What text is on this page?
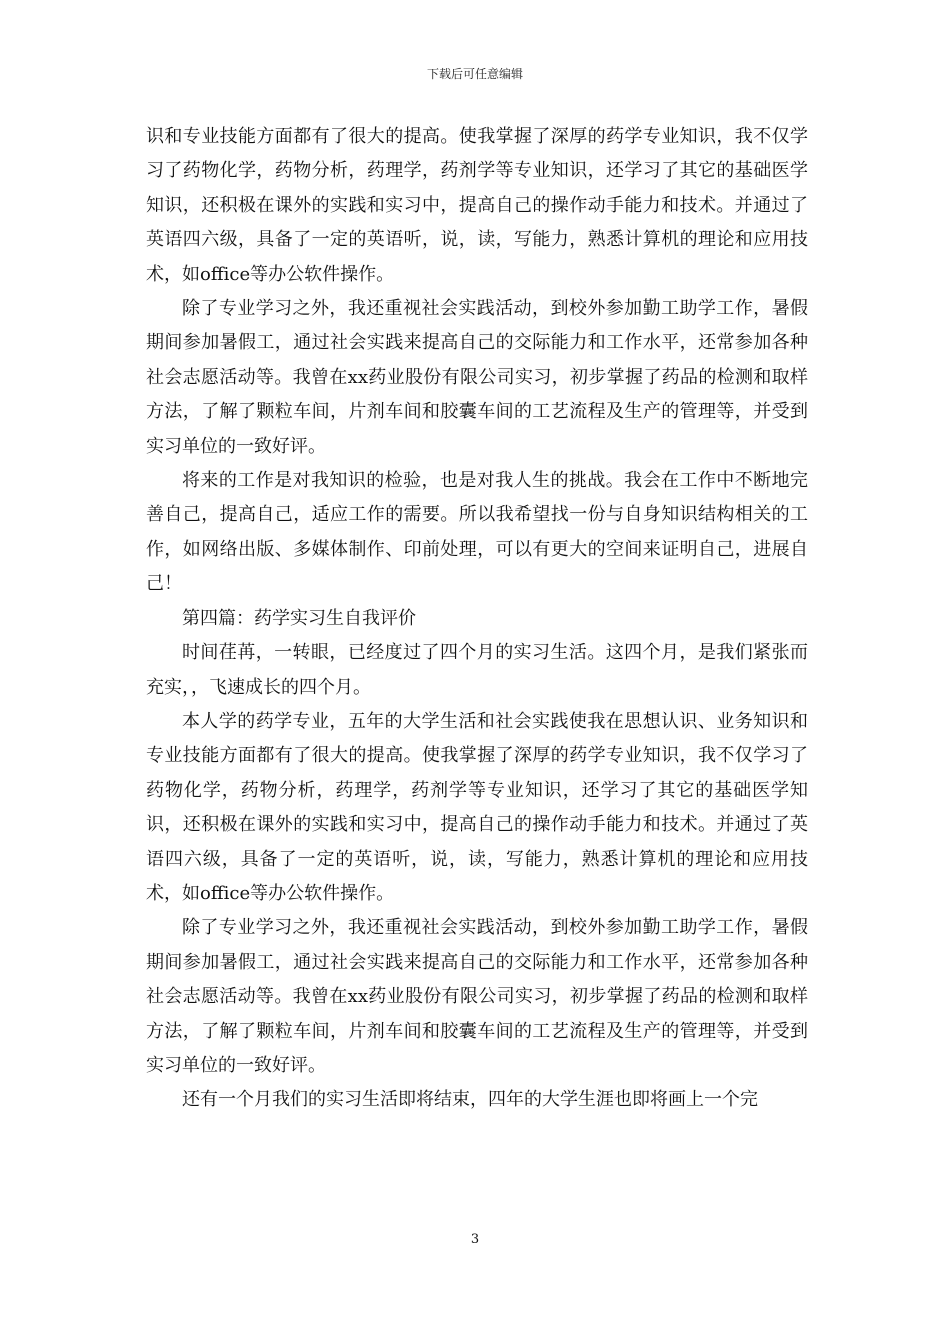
下载后可任意编辑

识和专业技能方面都有了很大的提高。使我掌握了深厚的药学专业知识，我不仅学习了药物化学，药物分析，药理学，药剂学等专业知识，还学习了其它的基础医学知识，还积极在课外的实践和实习中，提高自己的操作动手能力和技术。并通过了英语四六级，具备了一定的英语听，说，读，写能力，熟悉计算机的理论和应用技术，如office等办公软件操作。

除了专业学习之外，我还重视社会实践活动，到校外参加勤工助学工作，暑假期间参加暑假工，通过社会实践来提高自己的交际能力和工作水平，还常参加各种社会志愿活动等。我曾在xx药业股份有限公司实习，初步掌握了药品的检测和取样方法，了解了颗粒车间，片剂车间和胶囊车间的工艺流程及生产的管理等，并受到实习单位的一致好评。

将来的工作是对我知识的检验，也是对我人生的挑战。我会在工作中不断地完善自己，提高自己，适应工作的需要。所以我希望找一份与自身知识结构相关的工作，如网络出版、多媒体制作、印前处理，可以有更大的空间来证明自己，进展自己！

第四篇：药学实习生自我评价

时间荏苒，一转眼，已经度过了四个月的实习生活。这四个月，是我们紧张而充实，，飞速成长的四个月。

本人学的药学专业，五年的大学生活和社会实践使我在思想认识、业务知识和专业技能方面都有了很大的提高。使我掌握了深厚的药学专业知识，我不仅学习了药物化学，药物分析，药理学，药剂学等专业知识，还学习了其它的基础医学知识，还积极在课外的实践和实习中，提高自己的操作动手能力和技术。并通过了英语四六级，具备了一定的英语听，说，读，写能力，熟悉计算机的理论和应用技术，如office等办公软件操作。

除了专业学习之外，我还重视社会实践活动，到校外参加勤工助学工作，暑假期间参加暑假工，通过社会实践来提高自己的交际能力和工作水平，还常参加各种社会志愿活动等。我曾在xx药业股份有限公司实习，初步掌握了药品的检测和取样方法，了解了颗粒车间，片剂车间和胶囊车间的工艺流程及生产的管理等，并受到实习单位的一致好评。

还有一个月我们的实习生活即将结束，四年的大学生涯也即将画上一个完

3
